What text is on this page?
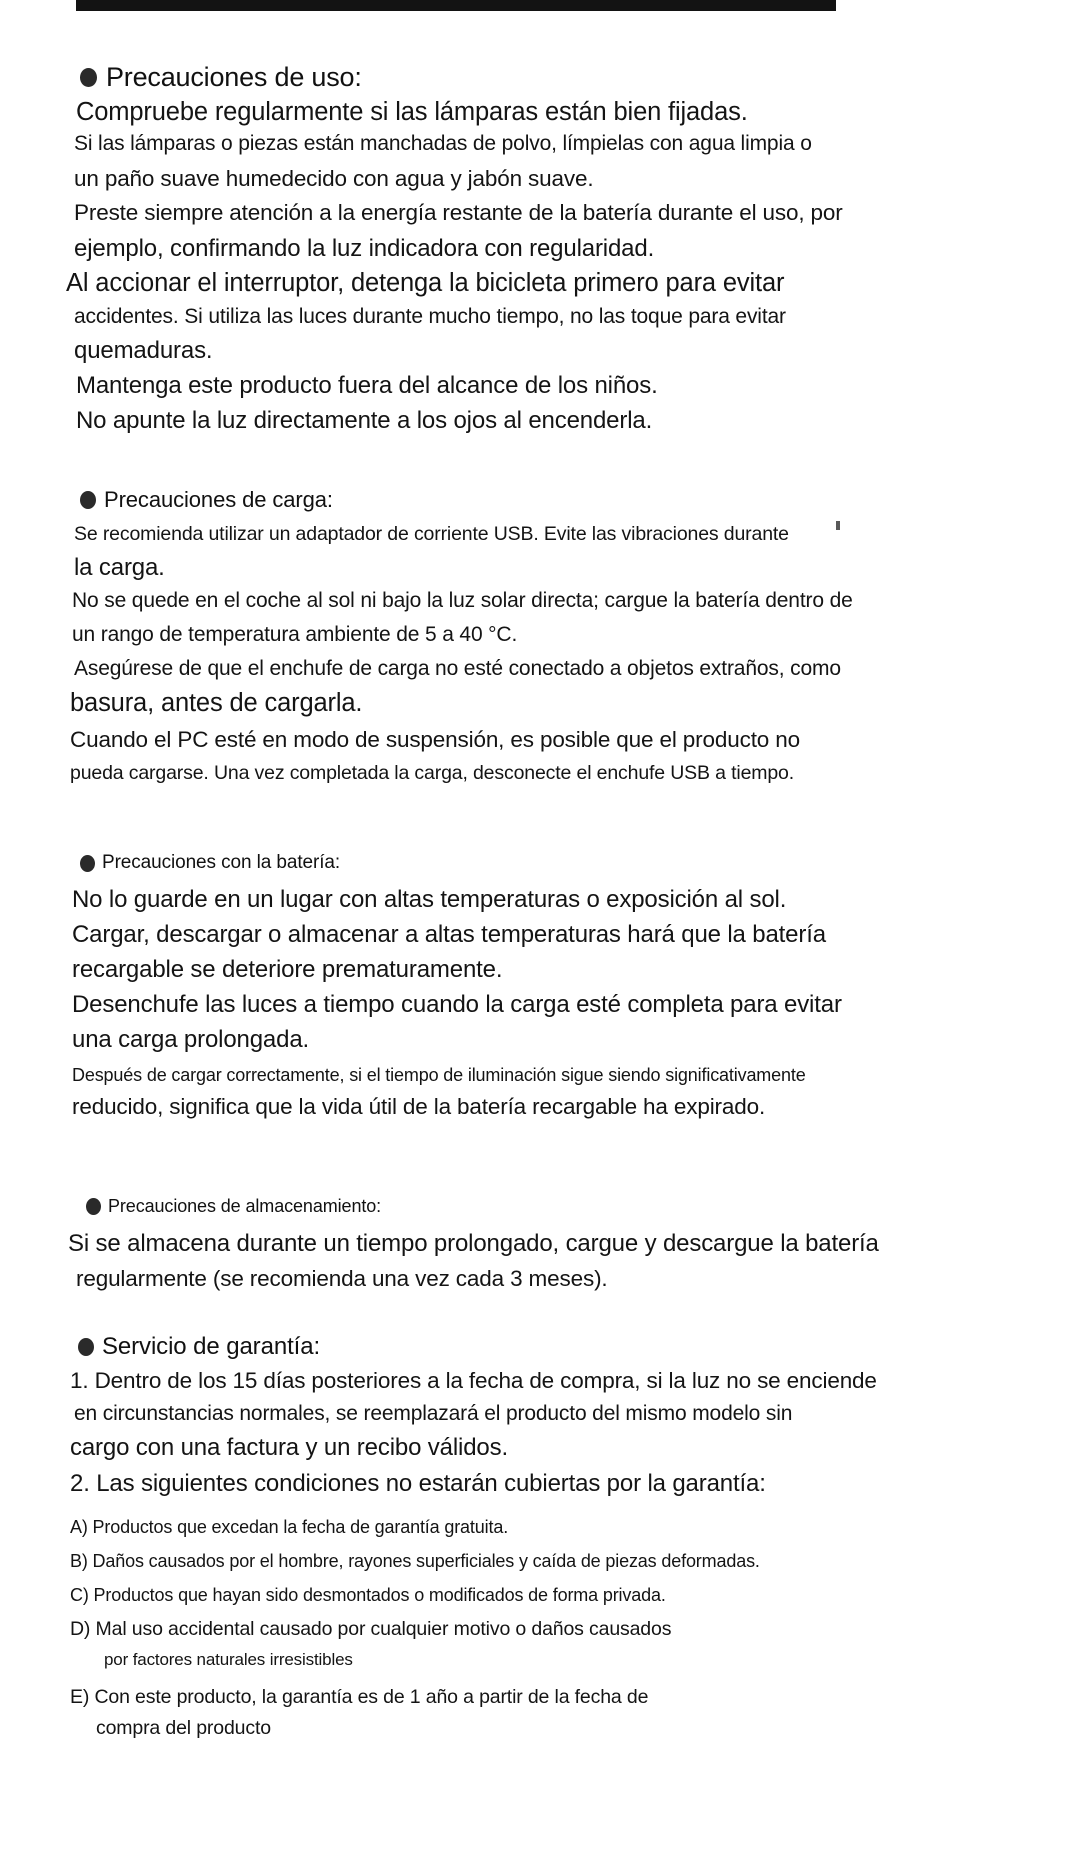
Precauciones de uso:
Compruebe regularmente si las lámparas están bien fijadas.
Si las lámparas o piezas están manchadas de polvo, límpielas con agua limpia o
un paño suave humedecido con agua y jabón suave.
Preste siempre atención a la energía restante de la batería durante el uso, por
ejemplo, confirmando la luz indicadora con regularidad.
Al accionar el interruptor, detenga la bicicleta primero para evitar
accidentes. Si utiliza las luces durante mucho tiempo, no las toque para evitar
quemaduras.
Mantenga este producto fuera del alcance de los niños.
No apunte la luz directamente a los ojos al encenderla.
Precauciones de carga:
Se recomienda utilizar un adaptador de corriente USB. Evite las vibraciones durante
la carga.
No se quede en el coche al sol ni bajo la luz solar directa; cargue la batería dentro de
un rango de temperatura ambiente de 5 a 40 °C.
Asegúrese de que el enchufe de carga no esté conectado a objetos extraños, como
basura, antes de cargarla.
Cuando el PC esté en modo de suspensión, es posible que el producto no
pueda cargarse. Una vez completada la carga, desconecte el enchufe USB a tiempo.
Precauciones con la batería:
No lo guarde en un lugar con altas temperaturas o exposición al sol.
Cargar, descargar o almacenar a altas temperaturas hará que la batería
recargable se deteriore prematuramente.
Desenchufe las luces a tiempo cuando la carga esté completa para evitar
una carga prolongada.
Después de cargar correctamente, si el tiempo de iluminación sigue siendo significativamente
reducido, significa que la vida útil de la batería recargable ha expirado.
Precauciones de almacenamiento:
Si se almacena durante un tiempo prolongado, cargue y descargue la batería
regularmente (se recomienda una vez cada 3 meses).
Servicio de garantía:
1. Dentro de los 15 días posteriores a la fecha de compra, si la luz no se enciende
en circunstancias normales, se reemplazará el producto del mismo modelo sin
cargo con una factura y un recibo válidos.
2. Las siguientes condiciones no estarán cubiertas por la garantía:
A) Productos que excedan la fecha de garantía gratuita.
B) Daños causados por el hombre, rayones superficiales y caída de piezas deformadas.
C) Productos que hayan sido desmontados o modificados de forma privada.
D) Mal uso accidental causado por cualquier motivo o daños causados
por factores naturales irresistibles
E) Con este producto, la garantía es de 1 año a partir de la fecha de
compra del producto
